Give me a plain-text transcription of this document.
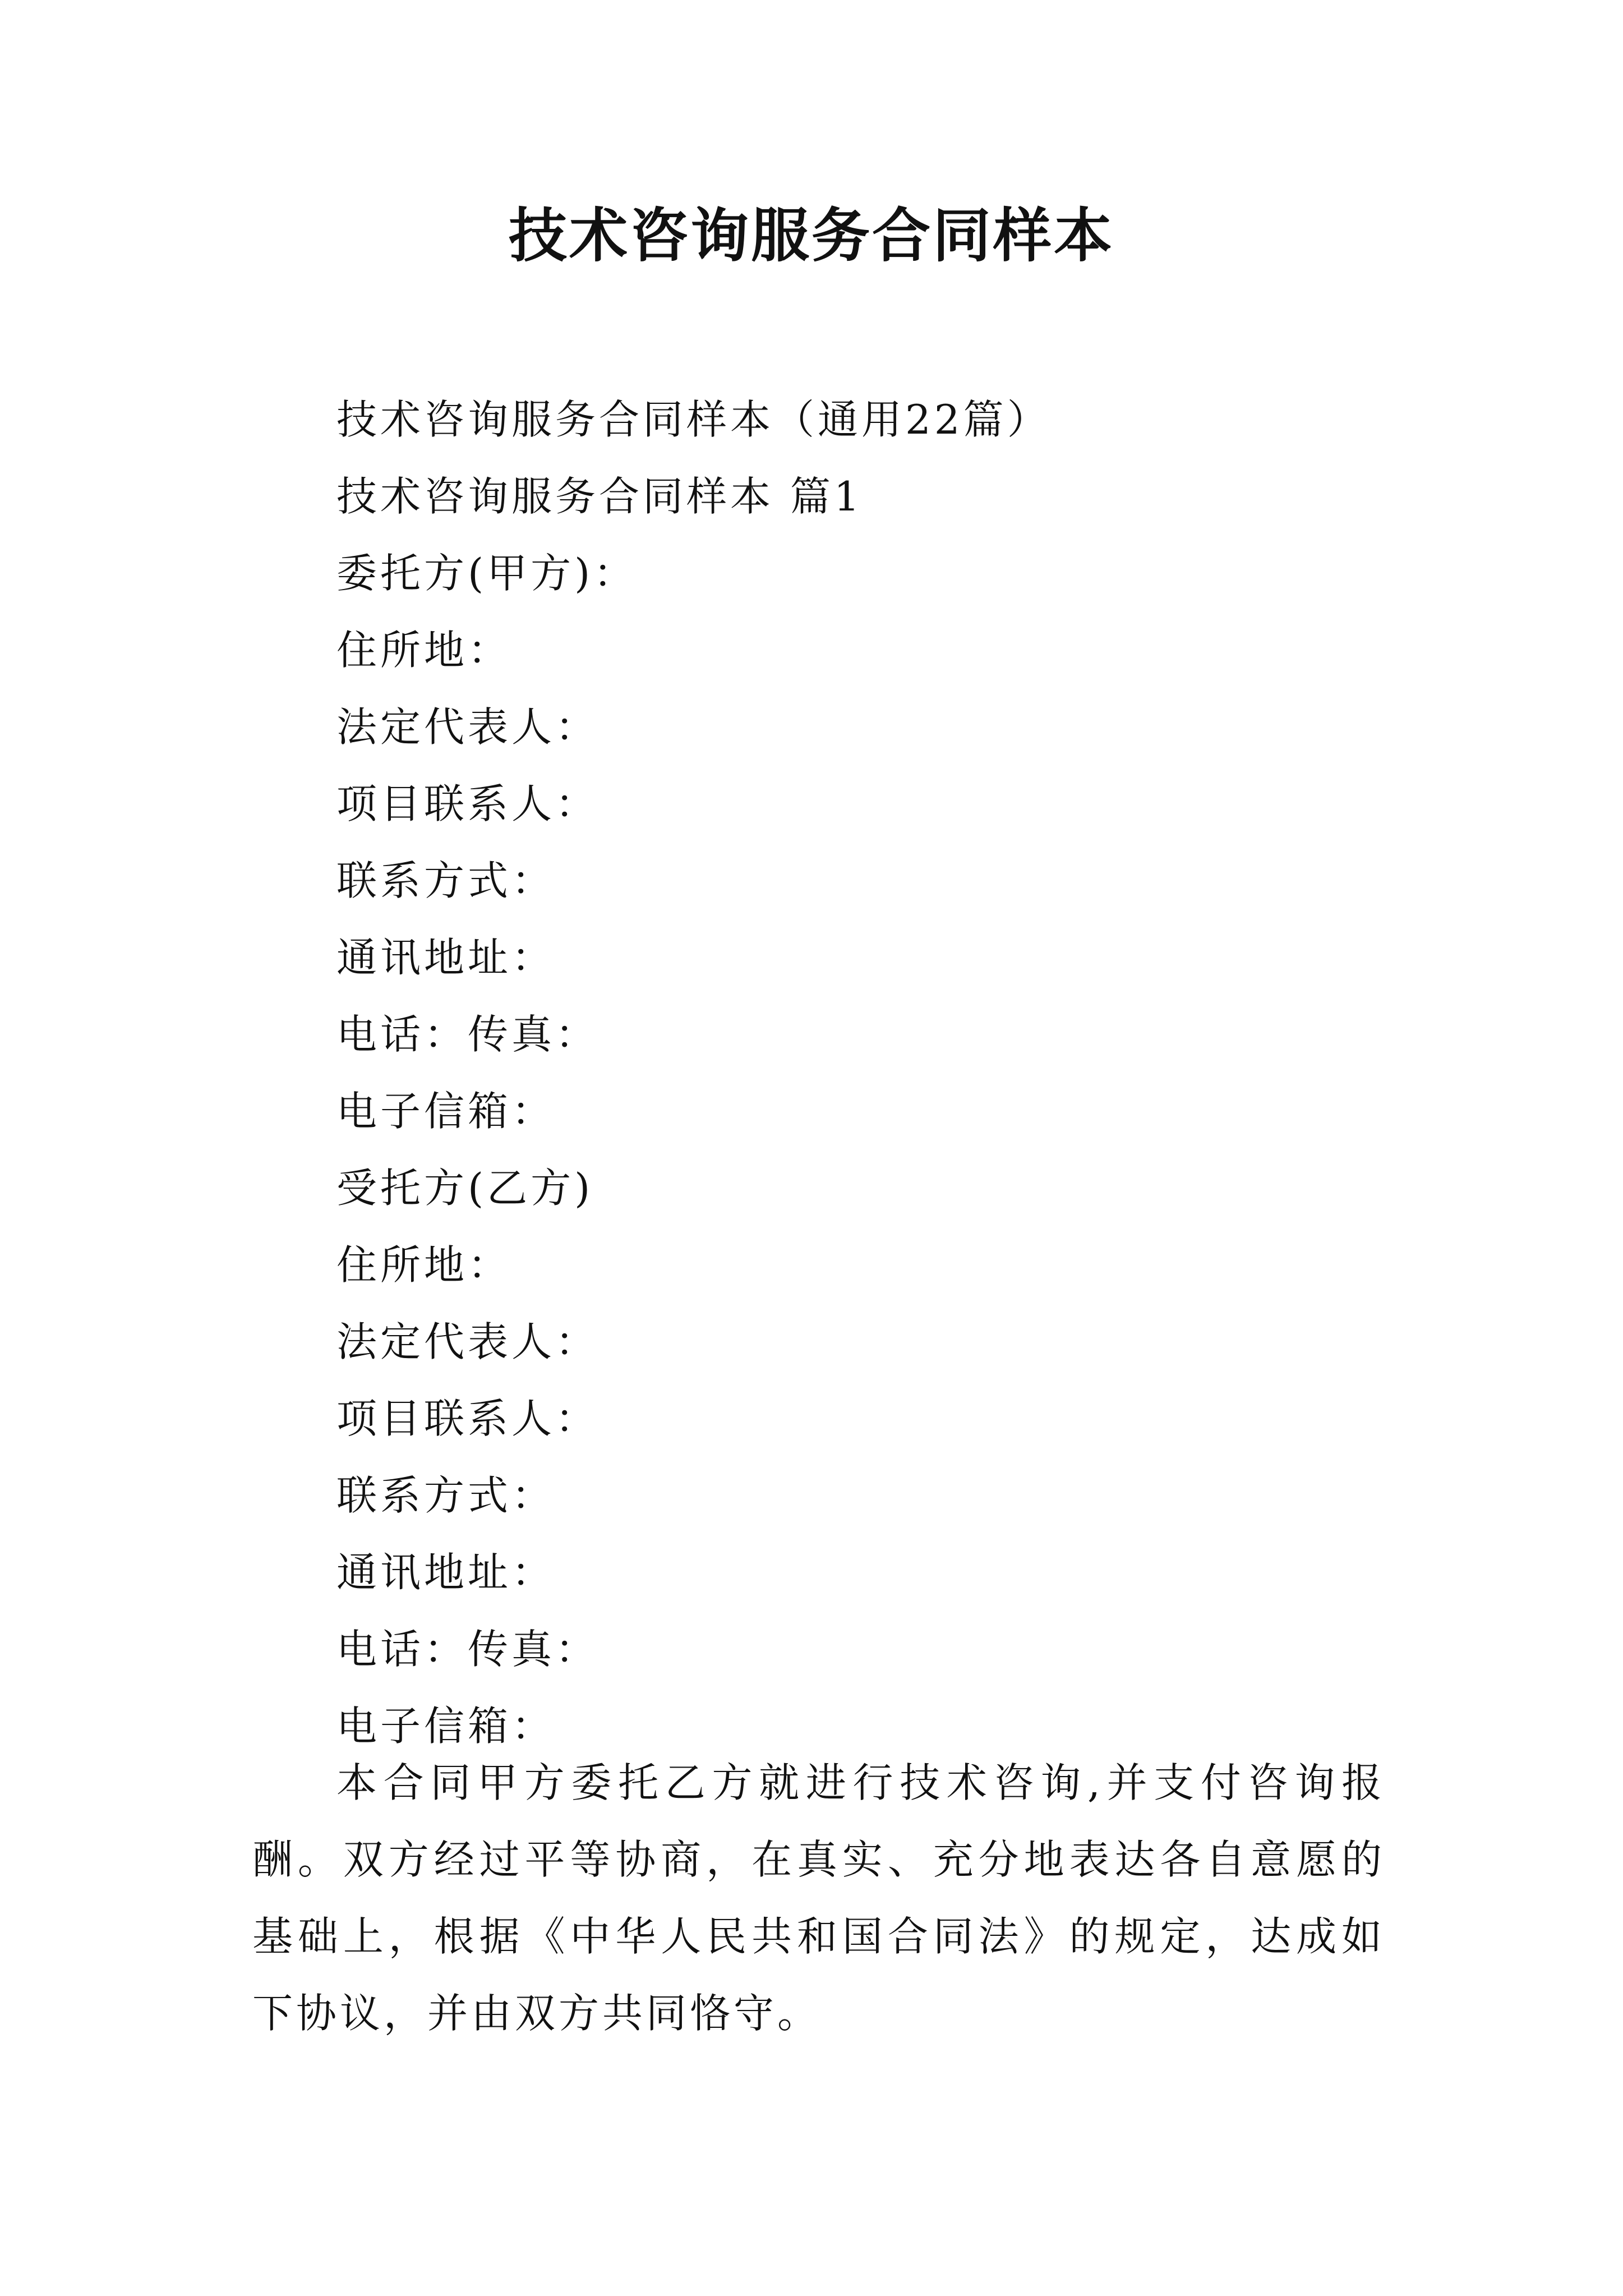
技术咨询服务合同样本
技术咨询服务合同样本（通用22篇）
技术咨询服务合同样本 篇1
委托方(甲方)：
住所地：
法定代表人：
项目联系人：
联系方式：
通讯地址：
电话：传真：
电子信箱：
受托方(乙方)
住所地：
法定代表人：
项目联系人：
联系方式：
通讯地址：
电话：传真：
电子信箱：

本合同甲方委托乙方就进行技术咨询,并支付咨询报酬。双方经过平等协商，在真实、充分地表达各自意愿的基础上，根据《中华人民共和国合同法》的规定，达成如下协议，并由双方共同恪守。
